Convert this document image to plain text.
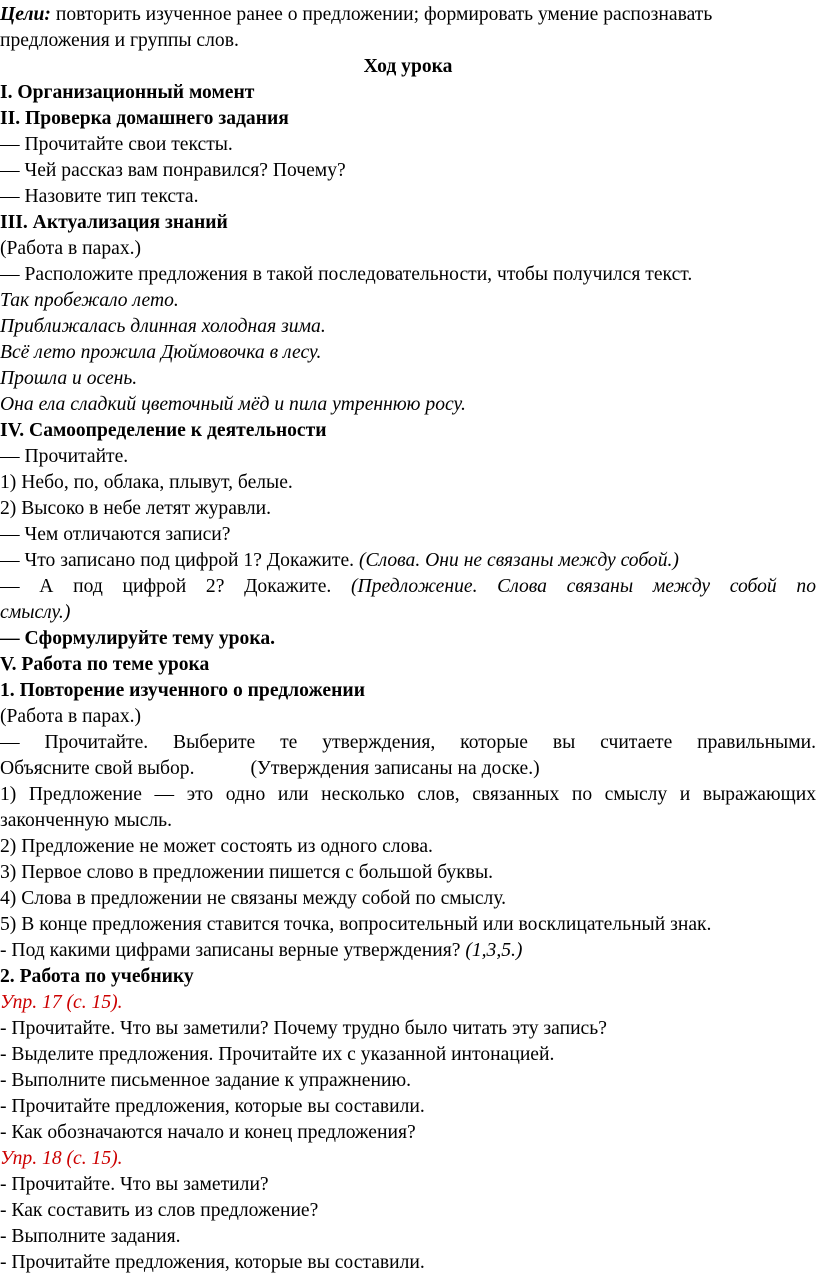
Цели: повторить изученное ранее о предложении; формировать умение распознавать
предложения и группы слов.
Ход урока
I. Организационный момент
II. Проверка домашнего задания
— Прочитайте свои тексты.
— Чей рассказ вам понравился? Почему?
— Назовите тип текста.
III. Актуализация знаний
(Работа в парах.)
— Расположите предложения в такой последовательности, чтобы получился текст.
Так пробежало лето.
Приближалась длинная холодная зима.
Всё лето прожила Дюймовочка в лесу.
Прошла и осень.
Она ела сладкий цветочный мёд и пила утреннюю росу.
IV. Самоопределение к деятельности
— Прочитайте.
1) Небо, по, облака, плывут, белые.
2) Высоко в небе летят журавли.
— Чем отличаются записи?
— Что записано под цифрой 1? Докажите. (Слова. Они не связаны между собой.)
— А под цифрой 2? Докажите. (Предложение. Слова связаны между собой по
смыслу.)
— Сформулируйте тему урока.
V. Работа по теме урока
1. Повторение изученного о предложении
(Работа в парах.)
— Прочитайте. Выберите те утверждения, которые вы считаете правильными.
Объясните свой выбор.	(Утверждения записаны на доске.)
1) Предложение — это одно или несколько слов, связанных по смыслу и выражающих
законченную мысль.
2) Предложение не может состоять из одного слова.
3) Первое слово в предложении пишется с большой буквы.
4) Слова в предложении не связаны между собой по смыслу.
5) В конце предложения ставится точка, вопросительный или восклицательный знак.
- Под какими цифрами записаны верные утверждения? (1,3,5.)
2. Работа по учебнику
Упр. 17 (с. 15).
- Прочитайте. Что вы заметили? Почему трудно было читать эту запись?
- Выделите предложения. Прочитайте их с указанной интонацией.
- Выполните письменное задание к упражнению.
- Прочитайте предложения, которые вы составили.
- Как обозначаются начало и конец предложения?
Упр. 18 (с. 15).
- Прочитайте. Что вы заметили?
- Как составить из слов предложение?
- Выполните задания.
- Прочитайте предложения, которые вы составили.
